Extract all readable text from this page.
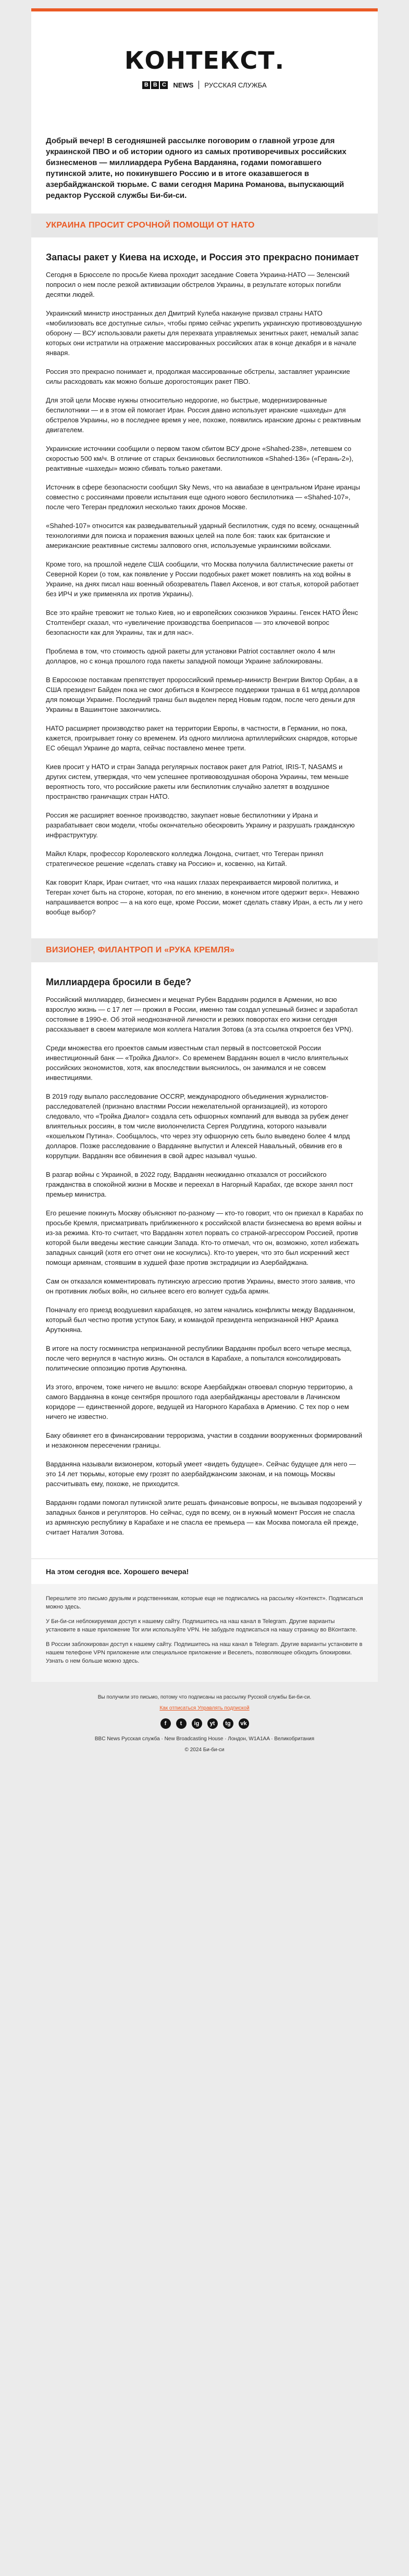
КОНТЕКСТ.
B B C NEWS РУССКАЯ СЛУЖБА

Добрый вечер! В сегодняшней рассылке поговорим о главной угрозе для украинской ПВО и об истории одного из самых противоречивых российских бизнесменов — миллиардера Рубена Варданяна, годами помогавшего путинской элите, но покинувшего Россию и в итоге оказавшегося в азербайджанской тюрьме. С вами сегодня Марина Романова, выпускающий редактор Русской службы Би-би-си.

УКРАИНА ПРОСИТ СРОЧНОЙ ПОМОЩИ ОТ НАТО
Запасы ракет у Киева на исходе, и Россия это прекрасно понимает

Сегодня в Брюсселе по просьбе Киева проходит заседание Совета Украина-НАТО — Зеленский попросил о нем после резкой активизации обстрелов Украины, в результате которых погибли десятки людей.

Украинский министр иностранных дел Дмитрий Кулеба накануне призвал страны НАТО «мобилизовать все доступные силы», чтобы прямо сейчас укрепить украинскую противовоздушную оборону — ВСУ использовали ракеты для перехвата управляемых зенитных ракет, немалый запас которых они истратили на отражение массированных российских атак в конце декабря и в начале января.

Россия это прекрасно понимает и, продолжая массированные обстрелы, заставляет украинские силы расходовать как можно больше дорогостоящих ракет ПВО.

Для этой цели Москве нужны относительно недорогие, но быстрые, модернизированные беспилотники — и в этом ей помогает Иран. Россия давно использует иранские «шахеды» для обстрелов Украины, но в последнее время у нее, похоже, появились иранские дроны с реактивным двигателем.

Украинские источники сообщили о первом таком сбитом ВСУ дроне «Shahed-238», летевшем со скоростью 500 км/ч. В отличие от старых бензиновых беспилотников «Shahed-136» («Герань-2»), реактивные «шахеды» можно сбивать только ракетами.

Источник в сфере безопасности сообщил Sky News, что на авиабазе в центральном Иране иранцы совместно с россиянами провели испытания еще одного нового беспилотника — «Shahed-107», после чего Тегеран предложил несколько таких дронов Москве.

«Shahed-107» относится как разведывательный ударный беспилотник, судя по всему, оснащенный технологиями для поиска и поражения важных целей на поле боя: таких как британские и американские реактивные системы залпового огня, используемые украинскими войсками.

Кроме того, на прошлой неделе США сообщили, что Москва получила баллистические ракеты от Северной Кореи (о том, как появление у России подобных ракет может повлиять на ход войны в Украине, на днях писал наш военный обозреватель Павел Аксенов, и вот статья, которой работает без ИРЧ и уже применяла их против Украины).

Все это крайне тревожит не только Киев, но и европейских союзников Украины. Генсек НАТО Йенс Столтенберг сказал, что «увеличение производства боеприпасов — это ключевой вопрос безопасности как для Украины, так и для нас».

Проблема в том, что стоимость одной ракеты для установки Patriot составляет около 4 млн долларов, но с конца прошлого года пакеты западной помощи Украине заблокированы.

В Евросоюзе поставкам препятствует пророссийский премьер-министр Венгрии Виктор Орбан, а в США президент Байден пока не смог добиться в Конгрессе поддержки транша в 61 млрд долларов для помощи Украине. Последний транш был выделен перед Новым годом, после чего деньги для Украины в Вашингтоне закончились.

НАТО расширяет производство ракет на территории Европы, в частности, в Германии, но пока, кажется, проигрывает гонку со временем. Из одного миллиона артиллерийских снарядов, которые ЕС обещал Украине до марта, сейчас поставлено менее трети.

Киев просит у НАТО и стран Запада регулярных поставок ракет для Patriot, IRIS-T, NASAMS и других систем, утверждая, что чем успешнее противовоздушная оборона Украины, тем меньше вероятность того, что российские ракеты или беспилотник случайно залетят в воздушное пространство граничащих стран НАТО.

Россия же расширяет военное производство, закупает новые беспилотники у Ирана и разрабатывает свои модели, чтобы окончательно обескровить Украину и разрушать гражданскую инфраструктуру.

Майкл Кларк, профессор Королевского колледжа Лондона, считает, что Тегеран принял стратегическое решение «сделать ставку на Россию» и, косвенно, на Китай.

Как говорит Кларк, Иран считает, что «на наших глазах перекраивается мировой политика, и Тегеран хочет быть на стороне, которая, по его мнению, в конечном итоге одержит верх». Неважно напрашивается вопрос — а на кого еще, кроме России, может сделать ставку Иран, а есть ли у него вообще выбор?

ВИЗИОНЕР, ФИЛАНТРОП И «РУКА КРЕМЛЯ»
Миллиардера бросили в беде?

Российский миллиардер, бизнесмен и меценат Рубен Варданян родился в Армении, но всю взрослую жизнь — с 17 лет — прожил в России, именно там создал успешный бизнес и заработал состояние в 1990-е. Об этой неоднозначной личности и резких поворотах его жизни сегодня рассказывает в своем материале моя коллега Наталия Зотова (а эта ссылка откроется без VPN).

Среди множества его проектов самым известным стал первый в постсоветской России инвестиционный банк — «Тройка Диалог». Со временем Варданян вошел в число влиятельных российских экономистов, хотя, как впоследствии выяснилось, он занимался и не совсем инвестициями.

В 2019 году выпало расследование OCCRP, международного объединения журналистов-расследователей (признано властями России нежелательной организацией), из которого следовало, что «Тройка Диалог» создала сеть офшорных компаний для вывода за рубеж денег влиятельных россиян, в том числе виолончелиста Сергея Ролдугина, которого называли «кошельком Путина». Сообщалось, что через эту офшорную сеть было выведено более 4 млрд долларов. Позже расследование о Варданяне выпустил и Алексей Навальный, обвинив его в коррупции. Варданян все обвинения в свой адрес называл чушью.

В разгар войны с Украиной, в 2022 году, Варданян неожиданно отказался от российского гражданства в спокойной жизни в Москве и переехал в Нагорный Карабах, где вскоре занял пост премьер министра.

Его решение покинуть Москву объясняют по-разному — кто-то говорит, что он приехал в Карабах по просьбе Кремля, присматривать приближенного к российской власти бизнесмена во время войны и из-за режима. Кто-то считает, что Варданян хотел порвать со страной-агрессором Россией, против которой были введены жесткие санкции Запада. Кто-то отмечал, что он, возможно, хотел избежать западных санкций (хотя его отчет они не коснулись). Кто-то уверен, что это был искренний жест помощи армянам, стоявшим в худшей фазе против экстрадиции из Азербайджана.

Сам он отказался комментировать путинскую агрессию против Украины, вместо этого заявив, что он противник любых войн, но сильнее всего его волнует судьба армян.

Поначалу его приезд воодушевил карабахцев, но затем начались конфликты между Варданяном, который был честно против уступок Баку, и командой президента непризнанной НКР Араика Арутюняна.

В итоге на посту госминистра непризнанной республики Варданян пробыл всего четыре месяца, после чего вернулся в частную жизнь. Он остался в Карабахе, а попытался консолидировать политические оппозицию против Арутюняна.

Из этого, впрочем, тоже ничего не вышло: вскоре Азербайджан отвоевал спорную территорию, а самого Варданяна в конце сентября прошлого года азербайджанцы арестовали в Лачинском коридоре — единственной дороге, ведущей из Нагорного Карабаха в Армению. С тех пор о нем ничего не известно.

Баку обвиняет его в финансировании терроризма, участии в создании вооруженных формирований и незаконном пересечении границы.

Варданяна называли визионером, который умеет «видеть будущее». Сейчас будущее для него — это 14 лет тюрьмы, которые ему грозят по азербайджанским законам, и на помощь Москвы рассчитывать ему, похоже, не приходится.

Варданян годами помогал путинской элите решать финансовые вопросы, не вызывая подозрений у западных банков и регуляторов. Но сейчас, судя по всему, он в нужный момент Россия не спасла из армянскую республику в Карабахе и не спасла ее премьера — как Москва помогала ей прежде, считает Наталия Зотова.

На этом сегодня все. Хорошего вечера!

Перешлите это письмо друзьям и родственникам, которые еще не подписались на рассылку «Контекст». Подписаться можно здесь.

У Би-би-си неблокируемая доступ к нашему сайту. Подпишитесь на наш канал в Telegram. Другие варианты установите в наше приложение Tor или используйте VPN. Не забудьте подписаться на нашу страницу во ВКонтакте.

В России заблокирован доступ к нашему сайту. Подпишитесь на наш канал в Telegram. Другие варианты установите в нашем телефоне VPN приложение или специальное приложение и Веселеть, позволяющее обходить блокировки. Узнать о нем больше можно здесь.

Вы получили это письмо, потому что подписаны на рассылку Русской службы Би-би-си.

Как отписаться Управлять подпиской

f	t	ig	yt	tg	vk

BBC News Русская служба · New Broadcasting House · Лондон, W1A1AA · Великобритания

© 2024 Би-би-си
